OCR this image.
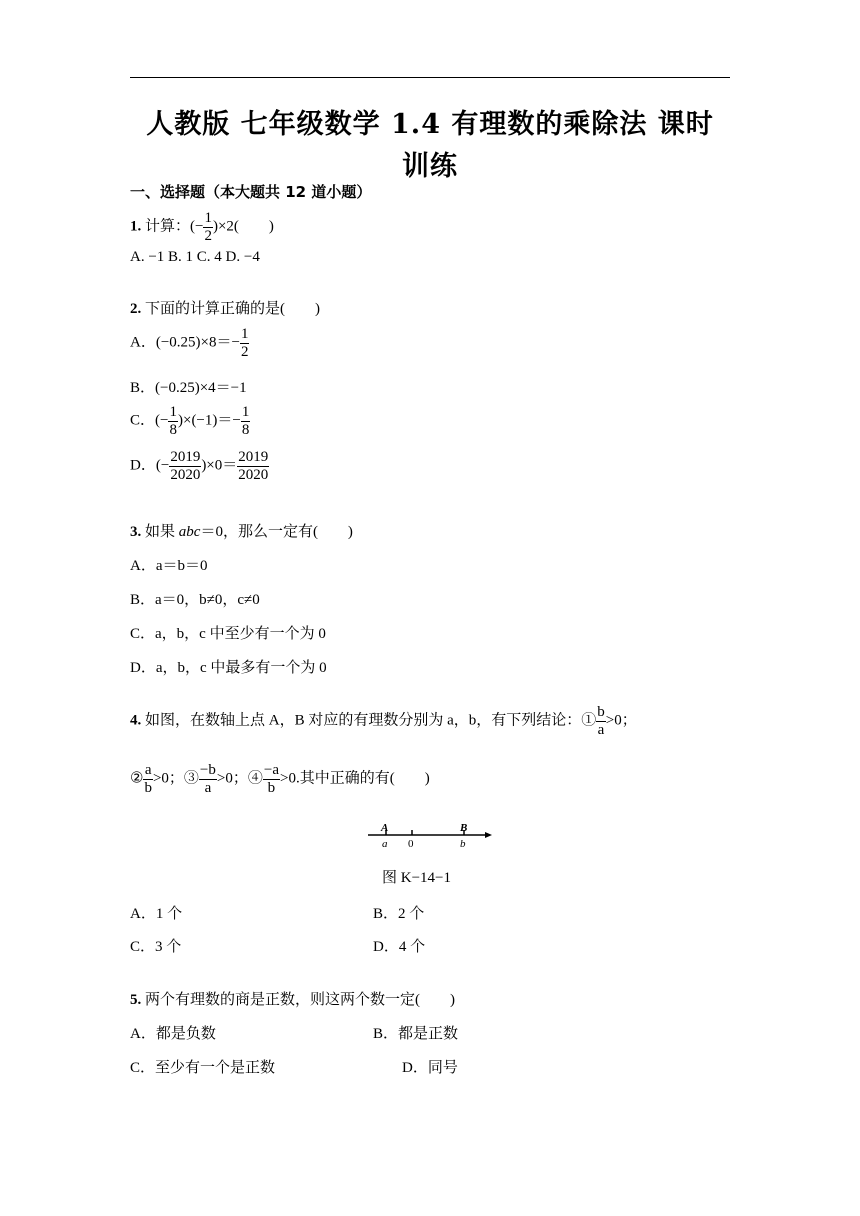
人教版 七年级数学 1.4 有理数的乘除法 课时
训练
一、选择题（本大题共 12 道小题）
1. 计算：(− $\frac{1}{2} )\times 2$(　　)
A. −1 B. 1 C. 4 D. −4
2. 下面的计算正确的是(　　)
A．$(-0.25)\times 8=- \frac{1}{2}$
B．(−0.25)×4＝−1
C．(− $\frac{1}{8} )\times(-1)=- \frac{1}{8}$
D．(− $\frac{2019}{2020} )\times 0= \frac{2019}{2020}$
3. 如果 abc＝0，那么一定有(　　)
A．a＝b＝0
B．a＝0，b≠0，c≠0
C．a，b，c 中至少有一个为 0
D．a，b，c 中最多有一个为 0
4. 如图，在数轴上点 A，B 对应的有理数分别为 a，b，有下列结论：① $\frac{b}{a} >0$；
② $\frac{a}{b} >0$；③ $\frac{-b}{a} >0$；④ $\frac{-a}{b} >0$.其中正确的有(　　)
A
a 0
B
b
图 K−14−1
A．1 个	B．2 个
C．3 个	D．4 个
5. 两个有理数的商是正数，则这两个数一定(　　)
A．都是负数	B．都是正数
C．至少有一个是正数	D．同号
